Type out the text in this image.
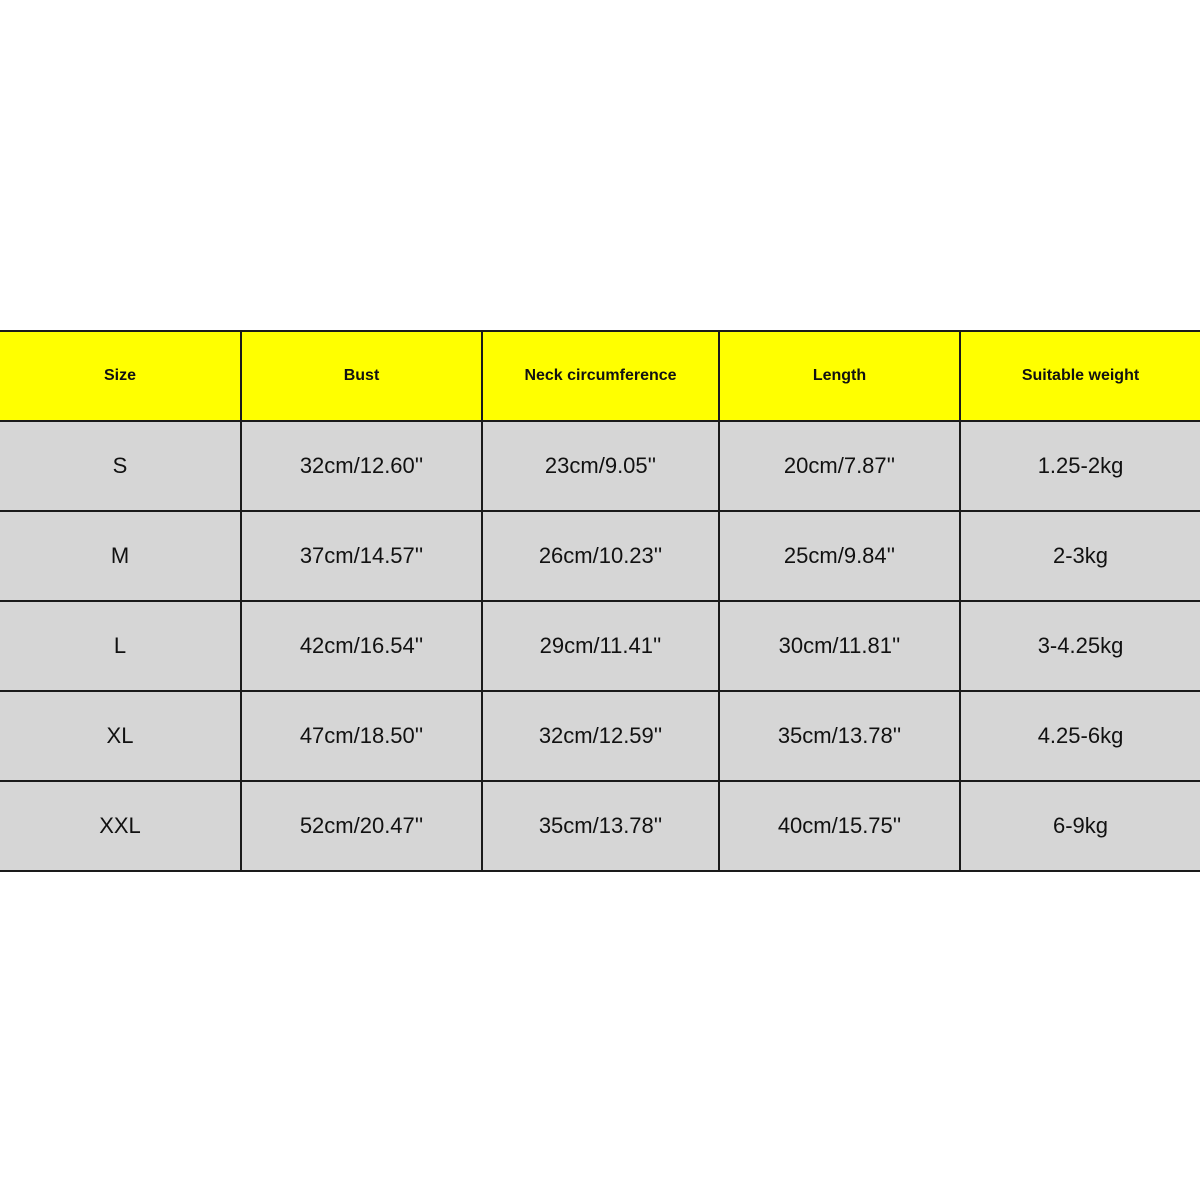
Size	Bust	Neck circumference	Length	Suitable weight
S	32cm/12.60''	23cm/9.05''	20cm/7.87''	1.25-2kg
M	37cm/14.57''	26cm/10.23''	25cm/9.84''	2-3kg
L	42cm/16.54''	29cm/11.41''	30cm/11.81''	3-4.25kg
XL	47cm/18.50''	32cm/12.59''	35cm/13.78''	4.25-6kg
XXL	52cm/20.47''	35cm/13.78''	40cm/15.75''	6-9kg
